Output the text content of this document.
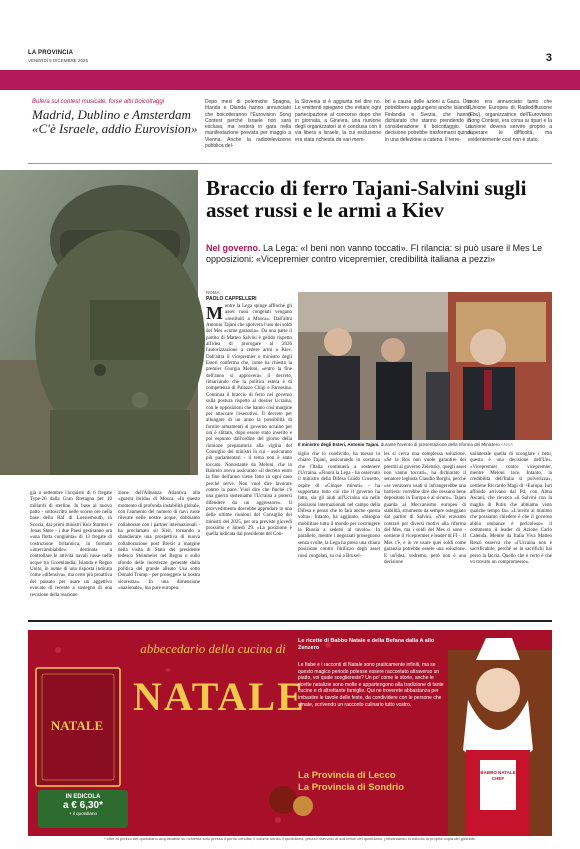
LA PROVINCIA
VENERDÌ 5 DICEMBRE 2025	3
Bufera sul contest musicale, forse altri boicottaggi
Madrid, Dublino e Amsterdam «C'è Israele, addio Eurovision»
Dopo mesi di polemiche Spagna, Irlanda e Olanda hanno annunciato che boicotteranno l'Eurovision Song Contest perché Israele non sarà esclusa, ma resterà in gara nella manifestazione prevista per maggio a Vienna. Anche la radiotelevisione pubblica del-
la Slovenia si è aggiunta nel dire no. Le emittenti spiegano che evitare ogni partecipazione al concorso dopo che in giornata, a Ginevra, una riunione degli organizzatori si è conclusa con il via libera a Israele, la cui esclusione era stata richiesta da vari mem-
bri a causa delle azioni a Gaza. Ora potrebbero aggiungersi anche Islanda, Finlandia e Svezia, che hanno dichiarato che stanno prendendo in considerazione il boicottaggio. La decisione potrebbe trasformarsi quindi in una defezione a catena. Il terre-
moto era annunciato tanto che l'Unione Europea di Radiodiffusione (Ebu), organizzatrice dell'Eurovision Song Contest, era corsa ai ripari e la riunione doveva servire proprio a superare le difficoltà, ma evidentemente così non è stato.
Braccio di ferro Tajani-Salvini sugli asset russi e le armi a Kiev
Nel governo. La Lega: «I beni non vanno toccati». FI rilancia: si può usare il Mes Le opposizioni: «Vicepremier contro vicepremier, credibilità italiana a pezzi»
ROMA
PAOLO CAPPELLERI
Mentre la Lega spinge affinché gli asset russi congelati vengano «restituiti a Mosca». Dall'altra Antonio Tajani che spolvera l'uso dei soldi del Mes «come garanzia». Da una parte il partito di Matteo Salvini è gelido rispetto all'idea di prorogare al 2026 l'autorizzazione a cedere armi a Kiev. Dall'altra il vicepremier e ministro degli Esteri conferma che, come ha chiesto la premier Giorgia Meloni, «entro la fine dell'anno si approverà» il decreto, rimarcando che la politica estera è di competenza di Palazzo Chigi e Farnesina. Continua il braccio di ferro nel governo sulla postura rispetto al dossier Ucraina, con le opposizioni che hanno così margine per attaccare l'esecutivo. Il decreto per allungare di un anno la possibilità di fornire armamenti al governo ucraino per ora è slittato, dopo essere stato inserito e poi espunto dall'ordine del giorno della riunione preparatoria alla vigilia del Consiglio dei ministri in cui - assicurano più parlamentari - il tema non è stato toccato. Nonostante da Meloni, che in Bahrein aveva assicurato «il decreto entro la fine dell'anno viene fatto in ogni caso perché serve. Non vuol dire lavorare contro la pace. Vuol dire che finché c'è una guerra sosteniamo l'Ucraina a potersi difendere da un aggressore». Il provvedimento dovrebbe approdare in una delle ultime riunioni del Consiglio dei ministri del 2025, per ora previste giovedì prossimo e lunedì 29. «La posizione è quella indicata dal presidente del Con-
Il ministro degli Esteri, Antonio Tajani, durante l'evento di presentazione della riforma del Ministero ANSA
già a settembre l'acquisto di 6 fregate Type-26 dalla Gran Bretagna per 10 miliardi di sterline. In base al nuovo patto - sottoscritto nelle scorse ore nella base della Raf di Lossiemouth, in Scozia, dai primi ministri Keir Starmer e Jonas Støre - i due Paesi gestiranno ora «una flotta congiunta» di 13 fregate di costruzione britannica, in formato «intercambiabile»: destinata a controllare le attività navali russe nelle acque tra Groenlandia, Islanda e Regno Unito, in nome di una risposta indicata come «difensiva», ma certo più proattiva del passato per usare un aggettivo evocato di recente a sostegno di una revisione della reazione
zione dell'Alleanza Atlantica alla «guerra ibrida» di Mosca. «In questo momento di profonda instabilità globale, con l'aumento del numero di navi russe rilevate nelle nostre acque, dobbiamo collaborare con i partner internazionali - ha proclamato sir Keir, tornando a sbandierare una prospettiva di nuova collaborazione post Brexit a margine della visita di Stato del presidente tedesco Steinmeier nel Regno e sullo sfondo delle incertezze generate dalla politica del grande alleato Usa sotto Donald Trump - per proteggere la nostra sicurezza». In una dimensione «nazionale», ma pure europea.
siglio che io condivido, ha messo in chiaro Tajani, assicurando in sostanza che l'Italia continuerà a sostenere l'Ucraina. «Finora la Lega - ha osservato il ministro della Difesa Guido Crosetto, ospite di «Cinque minuti» - ha supportato tutto ciò che il governo ha fatto, sia gli aiuti all'Ucraina sia nelle posizioni internazionali nel campo della Difesa e penso che lo farà anche questa volta». Intanto, ha aggiunto, «bisogna mobilitare tutto il mondo per costringere la Russia a sedersi al tavolo». In parallelo, mentre i negoziati proseguono senza svolte, la Lega ha preso una chiara posizione contro l'utilizzo degli asset russi congelati, su cui a Bruxel-
les si cerca una complessa soluzione. «Se la Ros non vuole garantire dei prestiti al governo Zelensky, quegli asset non vanno toccati», ha dichiarato il senatore leghista Claudio Borghi, perché «se venissero usati si infrangerebbe una barriera: vorrebbe dire che nessuno bene depositato in Europa è al sicuro». Tajani guarda al Meccanismo europeo di stabilità, strumento da sempre osteggiato dal partito di Salvini. «Noi eravamo contrari per diversi motivi alla riforma del Mes, ma i soldi del Mes ci sono - sostiene il vicepremier e leader di FI -. Il Mes c'è, e io ve usare quei soldi come garanzia potrebbe essere una soluzione. E un'idea, vedremo, però non è una decisione
unilaterale quella di sconglare i beni, questa è una decisione dell'Ue». «Vicepremier contro vicepremier, mentre Meloni tace. Intanto, la credibilità dell'Italia si polverizza», sostiene Riccardo Magi di +Europa. Iuri affondo arrivano dal Pd, con Alma Ascani, che rievoca «il Salvini con la maglia di Putin che abbiamo visto qualche tempo fa». «L'invito al minimo che possiamo chiedere è che il governo abbia utubanze è pericoloso» il commento il leader di Azione Carlo Calenda. Mentre da Italia Viva Matteo Renzi osserva che «l'Ucraina non è sacrificabile, perché se la sacrifichi hai perso la faccia. Quello che è certo è che vo trovato un compromesso».
NATALE
IN EDICOLA
a € 6,30*
+ il quotidiano
abbecedario della cucina di
NATALE
Le ricette di Babbo Natale e della Befana dalla A allo Zenzero
Le fiabe e i racconti di Natale sono praticamente infiniti, ma se questo magico periodo potesse essere raccontato attraverso un piatto, voi quale scegliereste? Un po' come le storie, anche le ricette natalizie sono molte e appartengono alla tradizione di tante cucine e di altrettante famiglie. Qui ne troverete abbastanza per imbastire le tavole delle feste, da condividere con le persone che amate, scrivendo un racconto culinario tutto vostro.
La Provincia di Lecco
La Provincia di Sondrio
BABBO NATALE CHEF
* oltre al prezzo del quotidiano acquistabile su richiesta solo presso il punto vendita; il volume senza il quotidiano, prezzo riservato ai soli lettori del quotidiano, presentando in edicola la propria copia del giornale.
